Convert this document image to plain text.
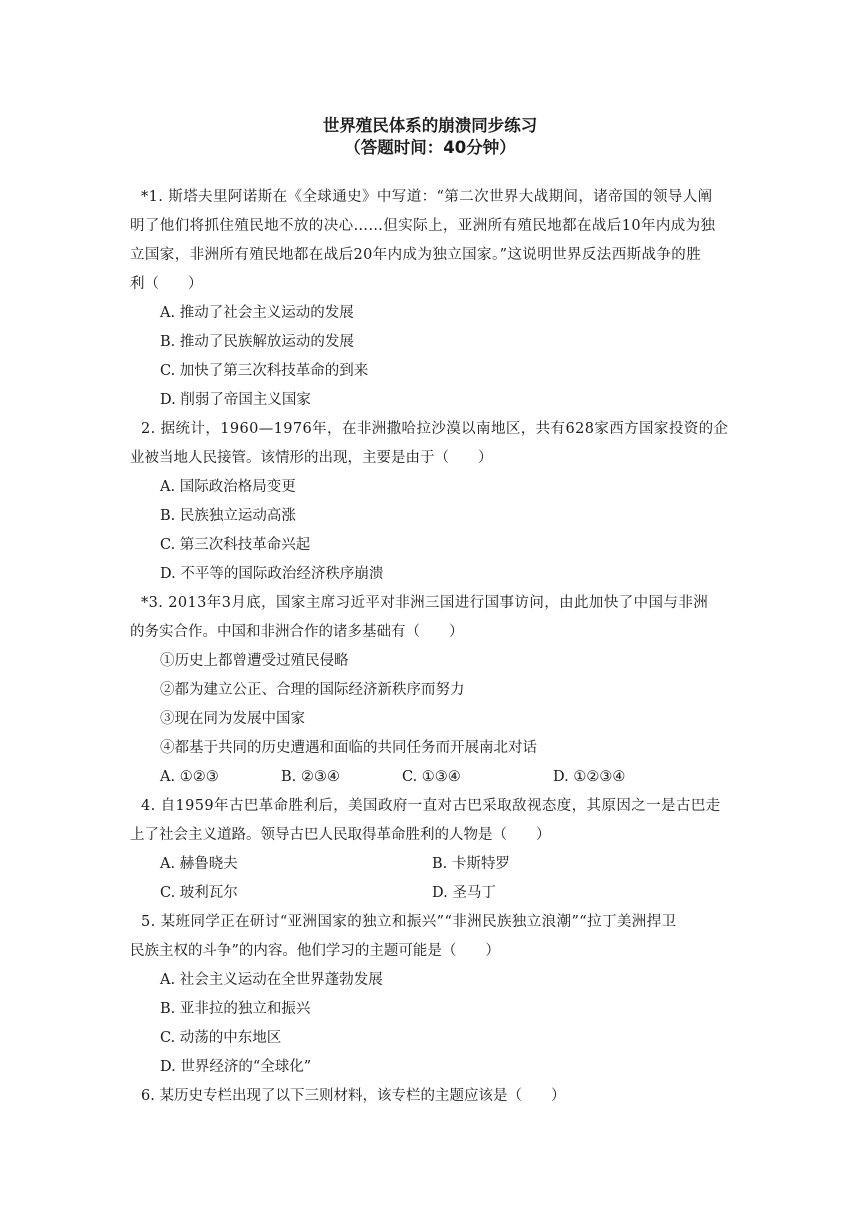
世界殖民体系的崩溃同步练习
（答题时间：40分钟）
*1. 斯塔夫里阿诺斯在《全球通史》中写道：“第二次世界大战期间，诸帝国的领导人阐
明了他们将抓住殖民地不放的决心……但实际上，亚洲所有殖民地都在战后10年内成为独
立国家，非洲所有殖民地都在战后20年内成为独立国家。”这说明世界反法西斯战争的胜
利（　　）
A. 推动了社会主义运动的发展
B. 推动了民族解放运动的发展
C. 加快了第三次科技革命的到来
D. 削弱了帝国主义国家
2. 据统计，1960—1976年，在非洲撒哈拉沙漠以南地区，共有628家西方国家投资的企
业被当地人民接管。该情形的出现，主要是由于（　　）
A. 国际政治格局变更
B. 民族独立运动高涨
C. 第三次科技革命兴起
D. 不平等的国际政治经济秩序崩溃
*3. 2013年3月底，国家主席习近平对非洲三国进行国事访问，由此加快了中国与非洲
的务实合作。中国和非洲合作的诸多基础有（　　）
①历史上都曾遭受过殖民侵略
②都为建立公正、合理的国际经济新秩序而努力
③现在同为发展中国家
④都基于共同的历史遭遇和面临的共同任务而开展南北对话
A. ①②③	B. ②③④	C. ①③④	D. ①②③④
4. 自1959年古巴革命胜利后，美国政府一直对古巴采取敌视态度，其原因之一是古巴走
上了社会主义道路。领导古巴人民取得革命胜利的人物是（　　）
A. 赫鲁晓夫	B. 卡斯特罗
C. 玻利瓦尔	D. 圣马丁
5. 某班同学正在研讨“亚洲国家的独立和振兴”“非洲民族独立浪潮”“拉丁美洲捍卫
民族主权的斗争”的内容。他们学习的主题可能是（　　）
A. 社会主义运动在全世界蓬勃发展
B. 亚非拉的独立和振兴
C. 动荡的中东地区
D. 世界经济的“全球化”
6. 某历史专栏出现了以下三则材料，该专栏的主题应该是（　　）
